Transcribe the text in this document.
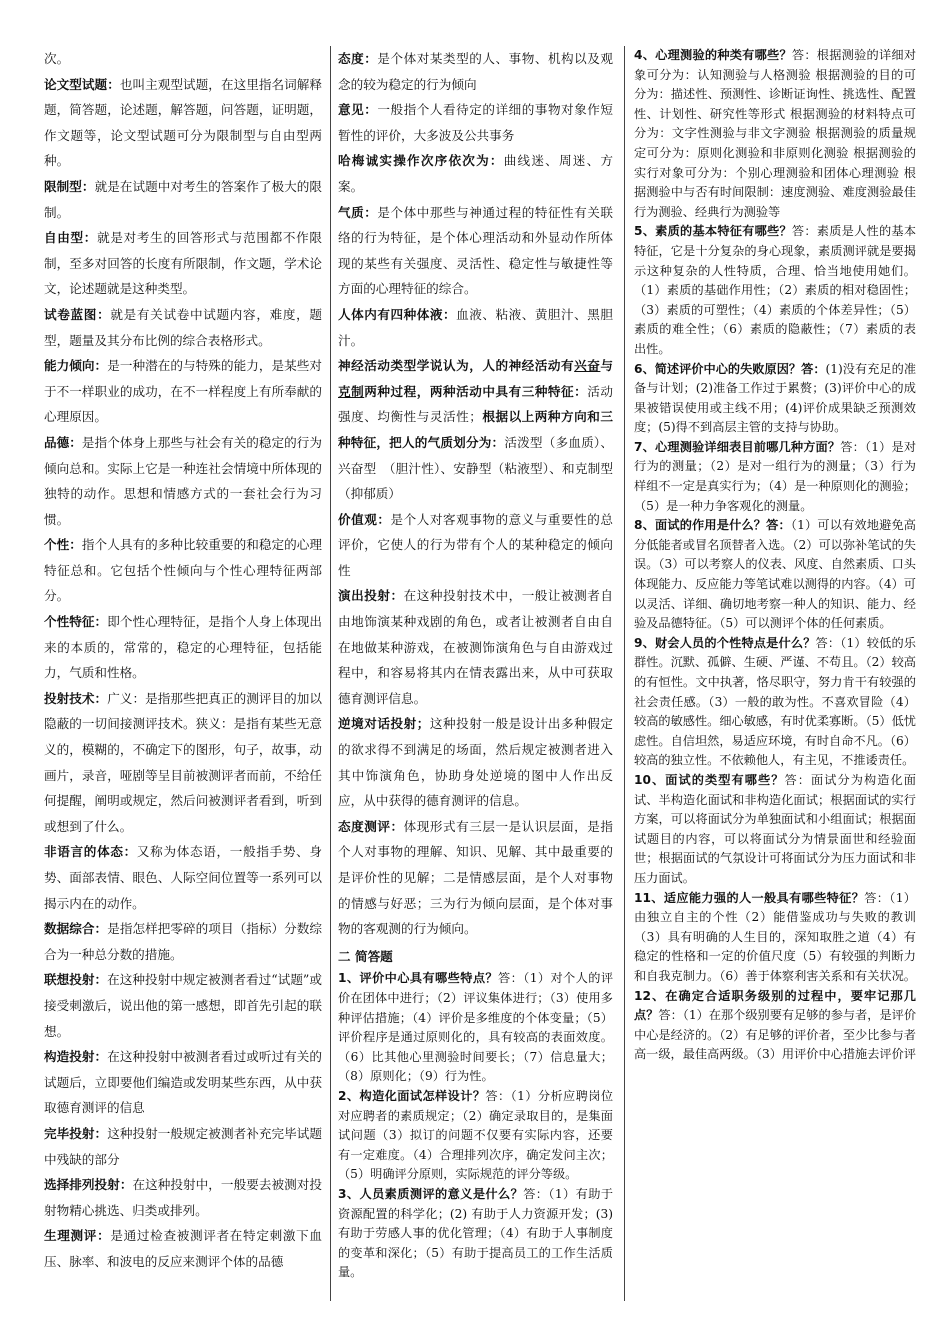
次。

论文型试题：也叫主观型试题，在这里指名词解释题，简答题，论述题，解答题，问答题，证明题，作文题等，论文型试题可分为限制型与自由型两种。

限制型：就是在试题中对考生的答案作了极大的限制。

自由型：就是对考生的回答形式与范围都不作限制，至多对回答的长度有所限制，作文题，学术论文，论述题就是这种类型。

试卷蓝图：就是有关试卷中试题内容，难度，题型，题量及其分布比例的综合表格形式。

能力倾向：是一种潜在的与特殊的能力，是某些对于不一样职业的成功，在不一样程度上有所奉献的心理原因。

品德：是指个体身上那些与社会有关的稳定的行为倾向总和。实际上它是一种连社会情境中所体现的独特的动作。思想和情感方式的一套社会行为习惯。

个性：指个人具有的多种比较重要的和稳定的心理特征总和。它包括个性倾向与个性心理特征两部分。

个性特征：即个性心理特征，是指个人身上体现出来的本质的，常常的，稳定的心理特征，包括能力，气质和性格。

投射技术：广义：是指那些把真正的测评目的加以隐蔽的一切间接测评技术。狭义：是指有某些无意义的，模糊的，不确定下的图形，句子，故事，动画片，录音，哑剧等呈目前被测评者而前，不给任何提醒，阐明或规定，然后问被测评者看到，听到或想到了什么。

非语言的体态：又称为体态语，一般指手势、身势、面部表情、眼色、人际空间位置等一系列可以揭示内在的动作。

数据综合：是指怎样把零碎的项目（指标）分数综合为一种总分数的措施。

联想投射：在这种投射中规定被测者看过“试题”或接受刺激后，说出他的第一感想，即首先引起的联想。

构造投射：在这种投射中被测者看过或听过有关的试题后，立即要他们编造或发明某些东西，从中获取德育测评的信息

完毕投射：这种投射一般规定被测者补充完毕试题中残缺的部分

选择排列投射：在这种投射中，一般要去被测对投射物精心挑选、归类或排列。

生理测评：是通过检查被测评者在特定刺激下血压、脉率、和波电的反应来测评个体的品德

态度：是个体对某类型的人、事物、机构以及观念的较为稳定的行为倾向

意见：一般指个人看待定的详细的事物对象作短暂性的评价，大多波及公共事务

哈梅诚实操作次序依次为：曲线迷、周迷、方案。

气质：是个体中那些与神通过程的特征性有关联络的行为特征，是个体心理活动和外显动作所体现的某些有关强度、灵活性、稳定性与敏捷性等方面的心理特征的综合。

人体内有四种体液：血液、粘液、黄胆汁、黑胆汁。

神经活动类型学说认为，人的神经活动有兴奋与克制两种过程，两种活动中具有三种特征：活动强度、均衡性与灵活性；根据以上两种方向和三种特征，把人的气质划分为：活泼型（多血质）、兴奋型　（胆汁性）、安静型（粘液型）、和克制型（抑郁质）

价值观：是个人对客观事物的意义与重要性的总评价，它使人的行为带有个人的某种稳定的倾向性

演出投射：在这种投射技术中，一般让被测者自由地饰演某种戏剧的角色，或者让被测者自由自在地做某种游戏，在被测饰演角色与自由游戏过程中，和容易将其内在情表露出来，从中可获取德育测评信息。

逆境对话投射；这种投射一般是设计出多种假定的欲求得不到满足的场面，然后规定被测者进入其中饰演角色，协助身处逆境的图中人作出反应，从中获得的德育测评的信息。

态度测评：体现形式有三层一是认识层面，是指个人对事物的理解、知识、见解、其中最重要的是评价性的见解；二是情感层面，是个人对事物的情感与好恶；三为行为倾向层面，是个体对事物的客观测的行为倾向。

二 简答题

1、评价中心具有哪些特点？答：（1）对个人的评价在团体中进行；（2）评议集体进行；（3）使用多种评估措施；（4）评价是多维度的个体变量；（5）评价程序是通过原则化的，具有较高的表面效度。（6）比其他心里测验时间要长；（7）信息量大；（8）原则化；（9）行为性。

2、构造化面试怎样设计？答：（1）分析应聘岗位对应聘者的素质规定；（2）确定录取目的，是集面试问题（3）拟订的问题不仅要有实际内容，还要有一定难度。（4）合理排列次序，确定发问主次；（5）明确评分原则，实际规范的评分等级。

3、人员素质测评的意义是什么？答：（1）有助于资源配置的科学化；(2) 有助于人力资源开发；(3)有助于劳感人事的优化管理；（4）有助于人事制度的变革和深化；（5）有助于提高员工的工作生活质量。

4、心理测验的种类有哪些？答：根据测验的详细对象可分为：认知测验与人格测验 根据测验的目的可分为：描述性、预测性、诊断证询性、挑选性、配置性、计划性、研究性等形式 根据测验的材料特点可分为：文字性测验与非文字测验 根据测验的质量规定可分为：原则化测验和非原则化测验 根据测验的实行对象可分为：个别心理测验和团体心理测验 根据测验中与否有时间限制：速度测验、难度测验最佳行为测验、经典行为测验等

5、素质的基本特征有哪些？答：素质是人性的基本特征，它是十分复杂的身心现象，素质测评就是要揭示这种复杂的人性特质，合理、恰当地使用她们。（1）素质的基础作用性；（2）素质的相对稳固性；（3）素质的可塑性；（4）素质的个体差异性；（5）素质的难全性；（6）素质的隐蔽性；（7）素质的表出性。

6、简述评价中心的失败原因？答：(1)没有充足的准备与计划；(2)准备工作过于累赘；(3)评价中心的成果被错误使用或主线不用；(4)评价成果缺乏预测效度；(5)得不到高层主管的支持与协助。

7、心理测验详细表目前哪几种方面？答：（1）是对行为的测量；（2）是对一组行为的测量；（3）行为样组不一定是真实行为；（4）是一种原则化的测验；（5）是一种力争客观化的测量。

8、面试的作用是什么？答：（1）可以有效地避免高分低能者或冒名顶替者入选。（2）可以弥补笔试的失误。（3）可以考察人的仪表、风度、自然素质、口头体现能力、反应能力等笔试难以测得的内容。（4）可以灵活、详细、确切地考察一种人的知识、能力、经验及品德特征。（5）可以测评个体的任何素质。

9、财会人员的个性特点是什么？答：（1）较低的乐群性。沉默、孤僻、生硬、严谨、不苟且。（2）较高的有恒性。文中执著，恪尽职守，努力肯干有较强的社会责任感。（3）一般的敢为性。不喜欢冒险（4）较高的敏感性。细心敏感，有时优柔寡断。（5）低忧虑性。自信坦然，易适应环境，有时自命不凡。（6）较高的独立性。不依赖他人，有主见，不推诿责任。

10、面试的类型有哪些？答：面试分为构造化面试、半构造化面试和非构造化面试；根据面试的实行方案，可以将面试分为单独面试和小组面试；根据面试题目的内容，可以将面试分为情景面世和经验面世；根据面试的气氛设计可将面试分为压力面试和非压力面试。

11、适应能力强的人一般具有哪些特征？答：（1）由独立自主的个性（2）能借鉴成功与失败的教训（3）具有明确的人生目的，深知取胜之道（4）有稳定的性格和一定的价值尺度（5）有较强的判断力和自我克制力。（6）善于体察利害关系和有关状况。

12、在确定合适职务级别的过程中，要牢记那几点？答：（1）在那个级别要有足够的参与者，是评价中心是经济的。（2）有足够的评价者，至少比参与者高一级，最佳高两级。（3）用评价中心措施去评价评
